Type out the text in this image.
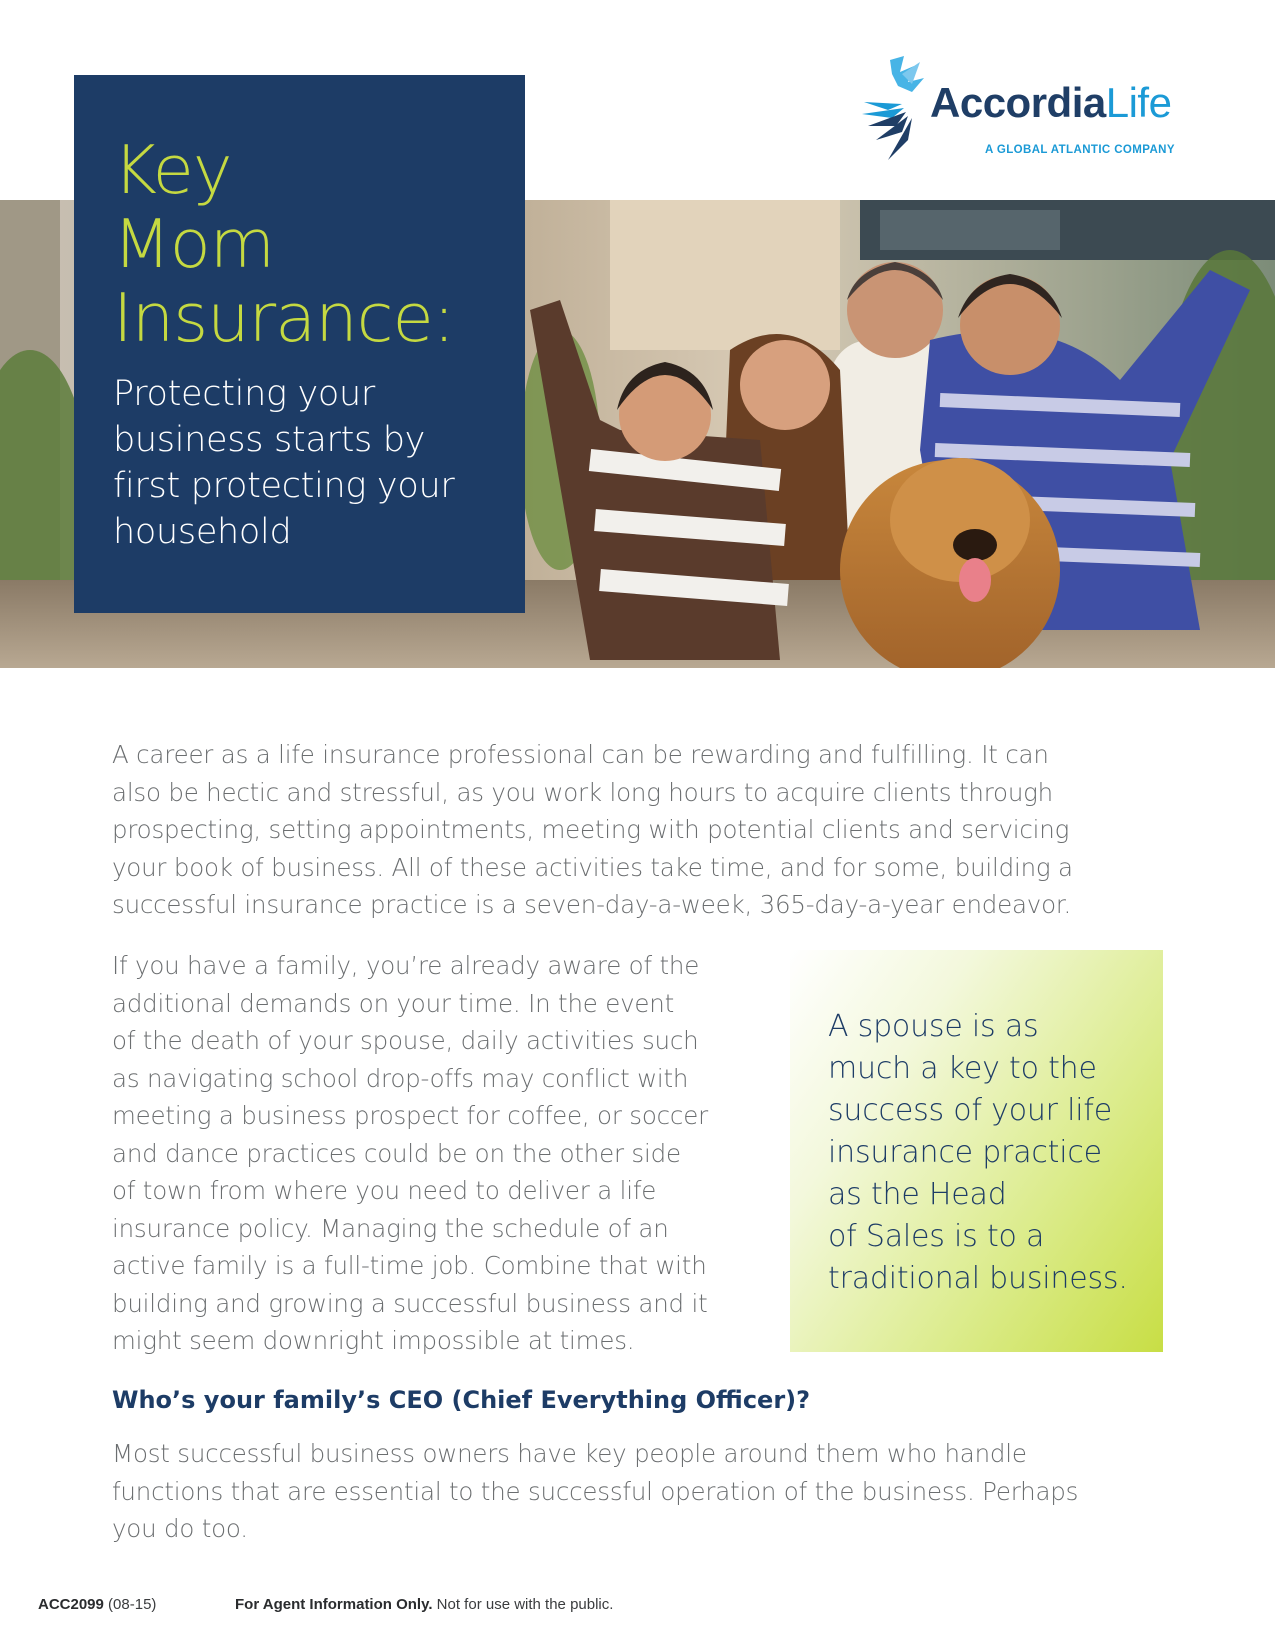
AccordiaLife
A GLOBAL ATLANTIC COMPANY
Key
Mom
Insurance:
Protecting your
business starts by
first protecting your
household
A career as a life insurance professional can be rewarding and fulfilling. It can
also be hectic and stressful, as you work long hours to acquire clients through
prospecting, setting appointments, meeting with potential clients and servicing
your book of business. All of these activities take time, and for some, building a
successful insurance practice is a seven-day-a-week, 365-day-a-year endeavor.
If you have a family, you’re already aware of the
additional demands on your time. In the event
of the death of your spouse, daily activities such
as navigating school drop-offs may conflict with
meeting a business prospect for coffee, or soccer
and dance practices could be on the other side
of town from where you need to deliver a life
insurance policy. Managing the schedule of an
active family is a full-time job. Combine that with
building and growing a successful business and it
might seem downright impossible at times.
A spouse is as
much a key to the
success of your life
insurance practice
as the Head
of Sales is to a
traditional business.
Who’s your family’s CEO (Chief Everything Officer)?
Most successful business owners have key people around them who handle
functions that are essential to the successful operation of the business. Perhaps
you do too.
ACC2099 (08-15)	For Agent Information Only. Not for use with the public.
